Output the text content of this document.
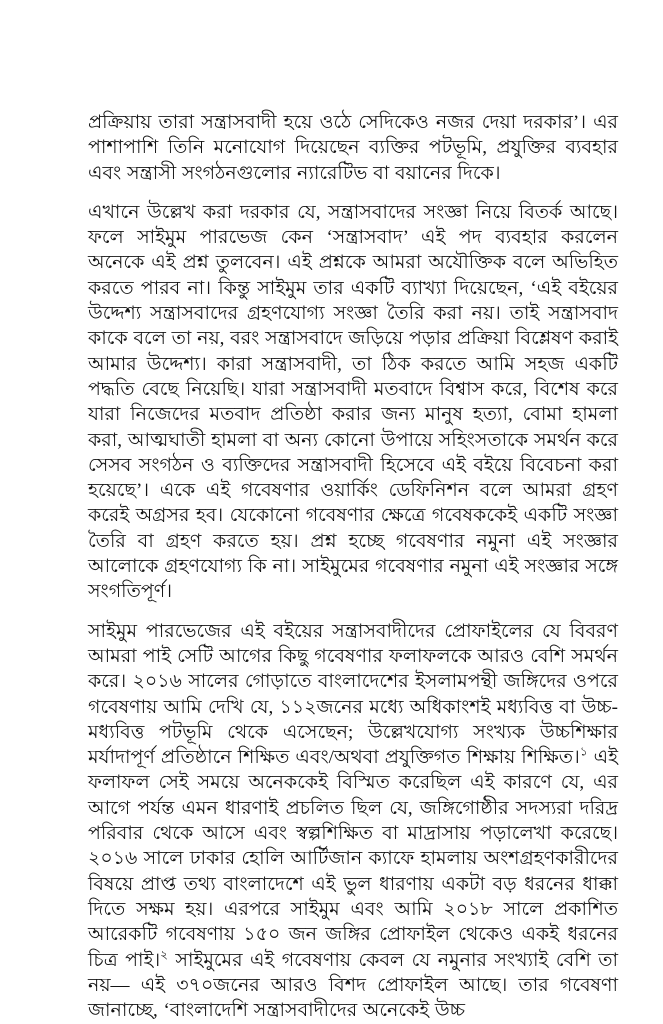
প্রক্রিয়ায় তারা সন্ত্রাসবাদী হয়ে ওঠে সেদিকেও নজর দেয়া দরকার’। এর পাশাপাশি তিনি মনোযোগ দিয়েছেন ব্যক্তির পটভূমি, প্রযুক্তির ব্যবহার এবং সন্ত্রাসী সংগঠনগুলোর ন্যারেটিভ বা বয়ানের দিকে।

এখানে উল্লেখ করা দরকার যে, সন্ত্রাসবাদের সংজ্ঞা নিয়ে বিতর্ক আছে। ফলে সাইমুম পারভেজ কেন ‘সন্ত্রাসবাদ’ এই পদ ব্যবহার করলেন অনেকে এই প্রশ্ন তুলবেন। এই প্রশ্নকে আমরা অযৌক্তিক বলে অভিহিত করতে পারব না। কিন্তু সাইমুম তার একটি ব্যাখ্যা দিয়েছেন, ‘এই বইয়ের উদ্দেশ্য সন্ত্রাসবাদের গ্রহণযোগ্য সংজ্ঞা তৈরি করা নয়। তাই সন্ত্রাসবাদ কাকে বলে তা নয়, বরং সন্ত্রাসবাদে জড়িয়ে পড়ার প্রক্রিয়া বিশ্লেষণ করাই আমার উদ্দেশ্য। কারা সন্ত্রাসবাদী, তা ঠিক করতে আমি সহজ একটি পদ্ধতি বেছে নিয়েছি। যারা সন্ত্রাসবাদী মতবাদে বিশ্বাস করে, বিশেষ করে যারা নিজেদের মতবাদ প্রতিষ্ঠা করার জন্য মানুষ হত্যা, বোমা হামলা করা, আত্মঘাতী হামলা বা অন্য কোনো উপায়ে সহিংসতাকে সমর্থন করে সেসব সংগঠন ও ব্যক্তিদের সন্ত্রাসবাদী হিসেবে এই বইয়ে বিবেচনা করা হয়েছে’। একে এই গবেষণার ওয়ার্কিং ডেফিনিশন বলে আমরা গ্রহণ করেই অগ্রসর হব। যেকোনো গবেষণার ক্ষেত্রে গবেষককেই একটি সংজ্ঞা তৈরি বা গ্রহণ করতে হয়। প্রশ্ন হচ্ছে গবেষণার নমুনা এই সংজ্ঞার আলোকে গ্রহণযোগ্য কি না। সাইমুমের গবেষণার নমুনা এই সংজ্ঞার সঙ্গে সংগতিপূর্ণ।

সাইমুম পারভেজের এই বইয়ের সন্ত্রাসবাদীদের প্রোফাইলের যে বিবরণ আমরা পাই সেটি আগের কিছু গবেষণার ফলাফলকে আরও বেশি সমর্থন করে। ২০১৬ সালের গোড়াতে বাংলাদেশের ইসলামপন্থী জঙ্গিদের ওপরে গবেষণায় আমি দেখি যে, ১১২জনের মধ্যে অধিকাংশই মধ্যবিত্ত বা উচ্চ-মধ্যবিত্ত পটভূমি থেকে এসেছেন; উল্লেখযোগ্য সংখ্যক উচ্চশিক্ষার মর্যাদাপূর্ণ প্রতিষ্ঠানে শিক্ষিত এবং/অথবা প্রযুক্তিগত শিক্ষায় শিক্ষিত।$^১$ এই ফলাফল সেই সময়ে অনেককেই বিস্মিত করেছিল এই কারণে যে, এর আগে পর্যন্ত এমন ধারণাই প্রচলিত ছিল যে, জঙ্গিগোষ্ঠীর সদস্যরা দরিদ্র পরিবার থেকে আসে এবং স্বল্পশিক্ষিত বা মাদ্রাসায় পড়ালেখা করেছে। ২০১৬ সালে ঢাকার হোলি আর্টিজান ক্যাফে হামলায় অংশগ্রহণকারীদের বিষয়ে প্রাপ্ত তথ্য বাংলাদেশে এই ভুল ধারণায় একটা বড় ধরনের ধাক্কা দিতে সক্ষম হয়। এরপরে সাইমুম এবং আমি ২০১৮ সালে প্রকাশিত আরেকটি গবেষণায় ১৫০ জন জঙ্গির প্রোফাইল থেকেও একই ধরনের চিত্র পাই।$^২$ সাইমুমের এই গবেষণায় কেবল যে নমুনার সংখ্যাই বেশি তা নয়— এই ৩৭০জনের আরও বিশদ প্রোফাইল আছে। তার গবেষণা জানাচ্ছে, ‘বাংলাদেশি সন্ত্রাসবাদীদের অনেকেই উচ্চ
